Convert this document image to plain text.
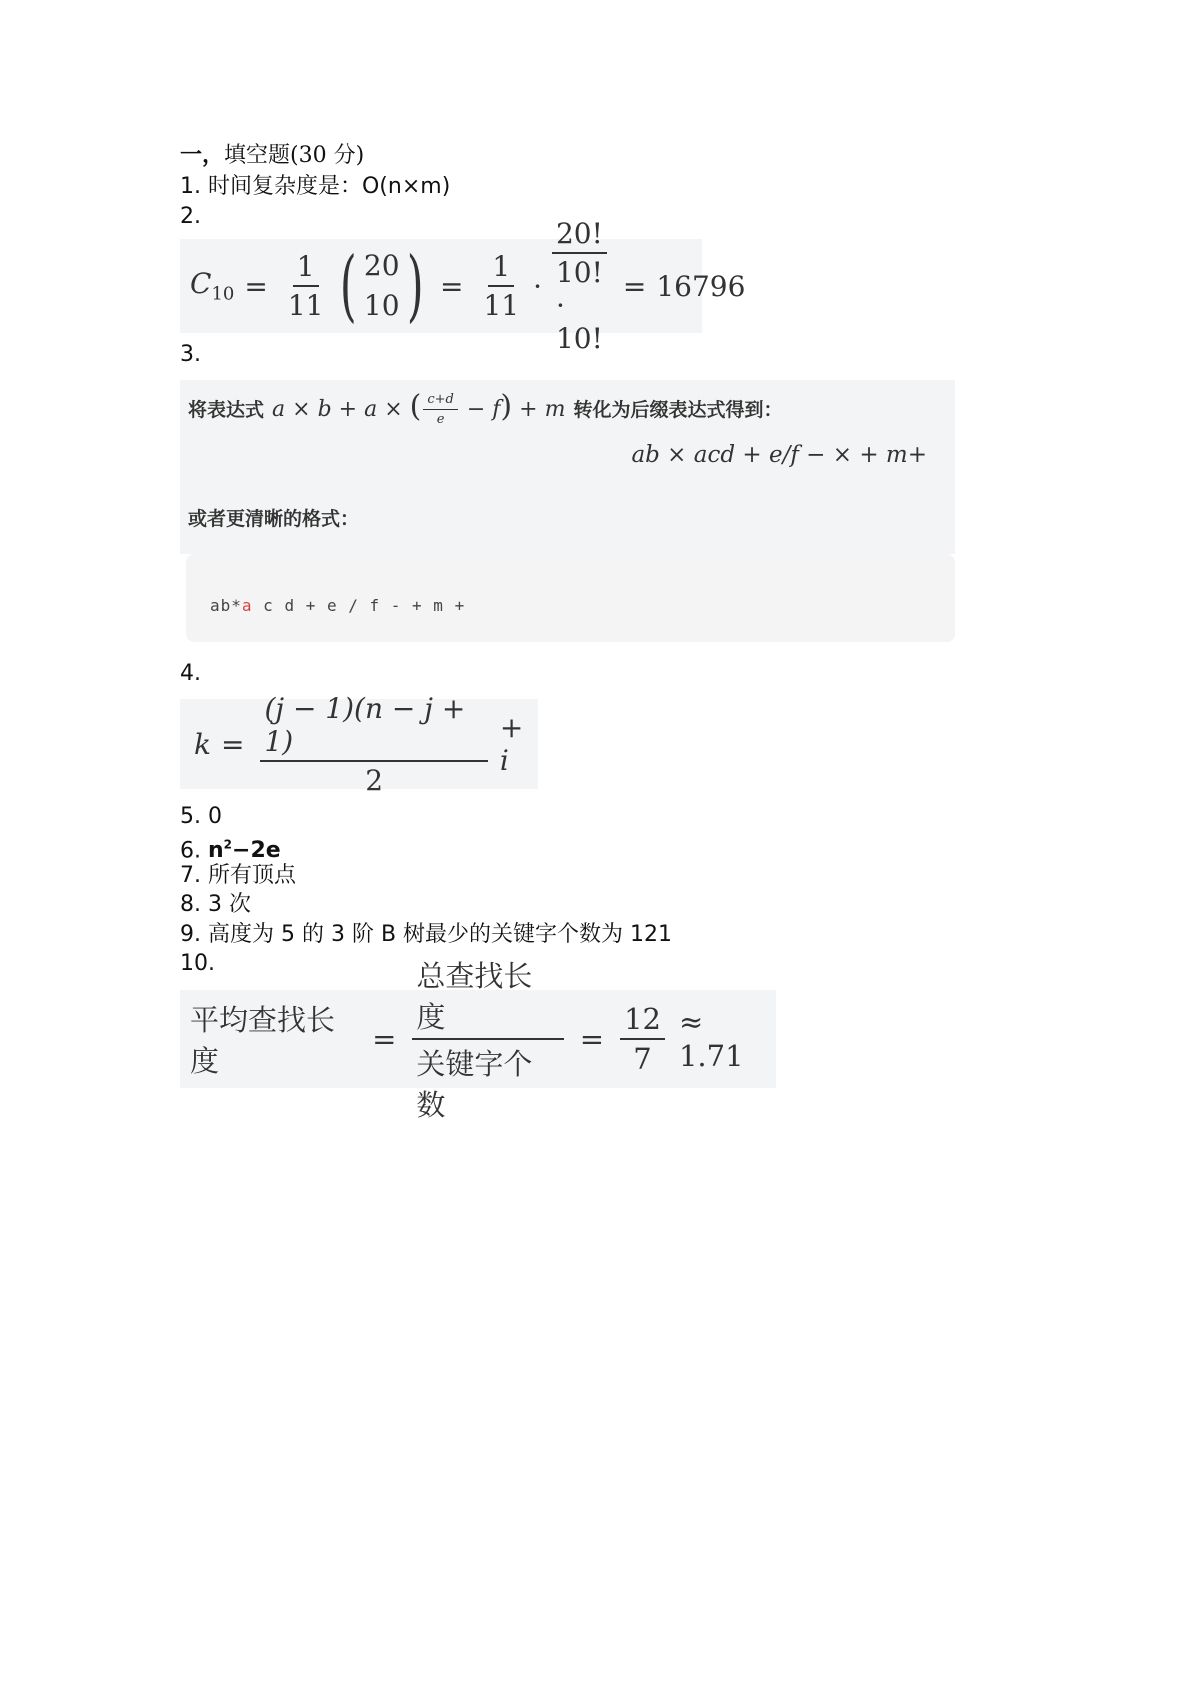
一，填空题(30 分)
1. 时间复杂度是：O(n×m)
2.
$C_{10} = \frac{1}{11}$ ( 20
10 ) = $\frac{1}{11} \cdot \frac{20!}{10! \cdot 10!} = 16796$
3.
将表达式 a × b + a × ( $\frac{c+d}{e} - f) + m$ 转化为后缀表达式得到：
ab × acd + e/f − × + m+
或者更清晰的格式：
ab*a c d + e / f - + m +
4.
$k = \frac{(j - 1)(n - j + 1)}{2} + i$
5. 0
6. $n^2-2e$
7. 所有顶点
8. 3 次
9. 高度为 5 的 3 阶 B 树最少的关键字个数为 121
10.
平均查找长度
= $\frac{\text{总查找长度}}{\text{关键字个数}} = \frac{12}{7} \approx 1.71$
